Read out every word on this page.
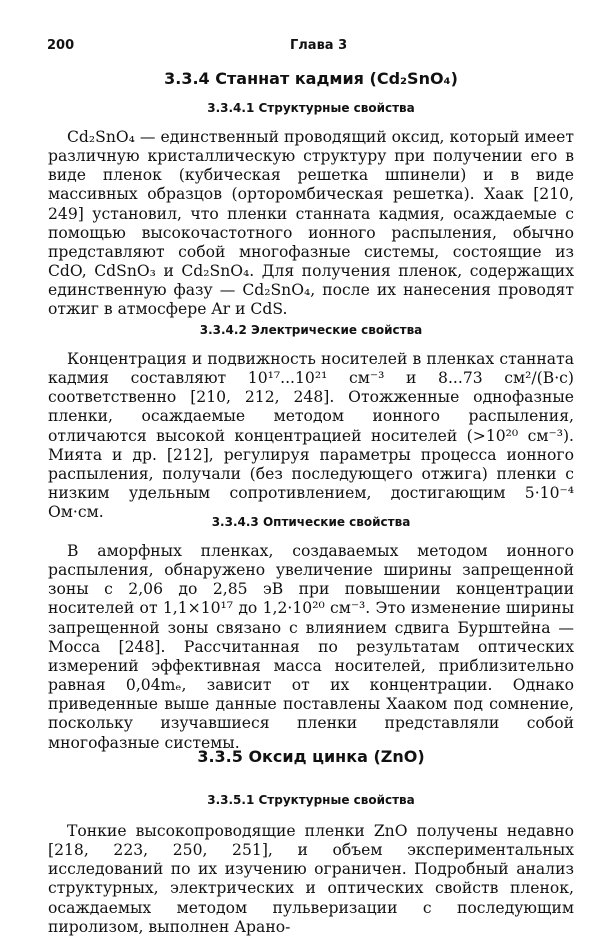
200	Глава 3
3.3.4 Станнат кадмия (Cd₂SnO₄)
3.3.4.1 Структурные свойства

Cd₂SnO₄ — единственный проводящий оксид, который имеет различную кристаллическую структуру при получении его в виде пленок (кубическая решетка шпинели) и в виде массивных образцов (орторомбическая решетка). Хаак [210, 249] установил, что пленки станната кадмия, осаждаемые с помощью высокочастотного ионного распыления, обычно представляют собой многофазные системы, состоящие из CdO, CdSnO₃ и Cd₂SnO₄. Для получения пленок, содержащих единственную фазу — Cd₂SnO₄, после их нанесения проводят отжиг в атмосфере Ar и CdS.

3.3.4.2 Электрические свойства

Концентрация и подвижность носителей в пленках станната кадмия составляют 10¹⁷...10²¹ см⁻³ и 8...73 см²/(В·с) соответственно [210, 212, 248]. Отожженные однофазные пленки, осаждаемые методом ионного распыления, отличаются высокой концентрацией носителей (>10²⁰ см⁻³). Миятa и др. [212], регулируя параметры процесса ионного распыления, получали (без последующего отжига) пленки с низким удельным сопротивлением, достигающим 5·10⁻⁴ Ом·см.

3.3.4.3 Оптические свойства

В аморфных пленках, создаваемых методом ионного распыления, обнаружено увеличение ширины запрещенной зоны с 2,06 до 2,85 эВ при повышении концентрации носителей от 1,1×10¹⁷ до 1,2·10²⁰ см⁻³. Это изменение ширины запрещенной зоны связано с влиянием сдвига Бурштейна — Мосса [248]. Рассчитанная по результатам оптических измерений эффективная масса носителей, приблизительно равная 0,04mₑ, зависит от их концентрации. Однако приведенные выше данные поставлены Хааком под сомнение, поскольку изучавшиеся пленки представляли собой многофазные системы.

3.3.5 Оксид цинка (ZnO)
3.3.5.1 Структурные свойства

Тонкие высокопроводящие пленки ZnO получены недавно [218, 223, 250, 251], и объем экспериментальных исследований по их изучению ограничен. Подробный анализ структурных, электрических и оптических свойств пленок, осаждаемых методом пульверизации с последующим пиролизом, выполнен Арано-
